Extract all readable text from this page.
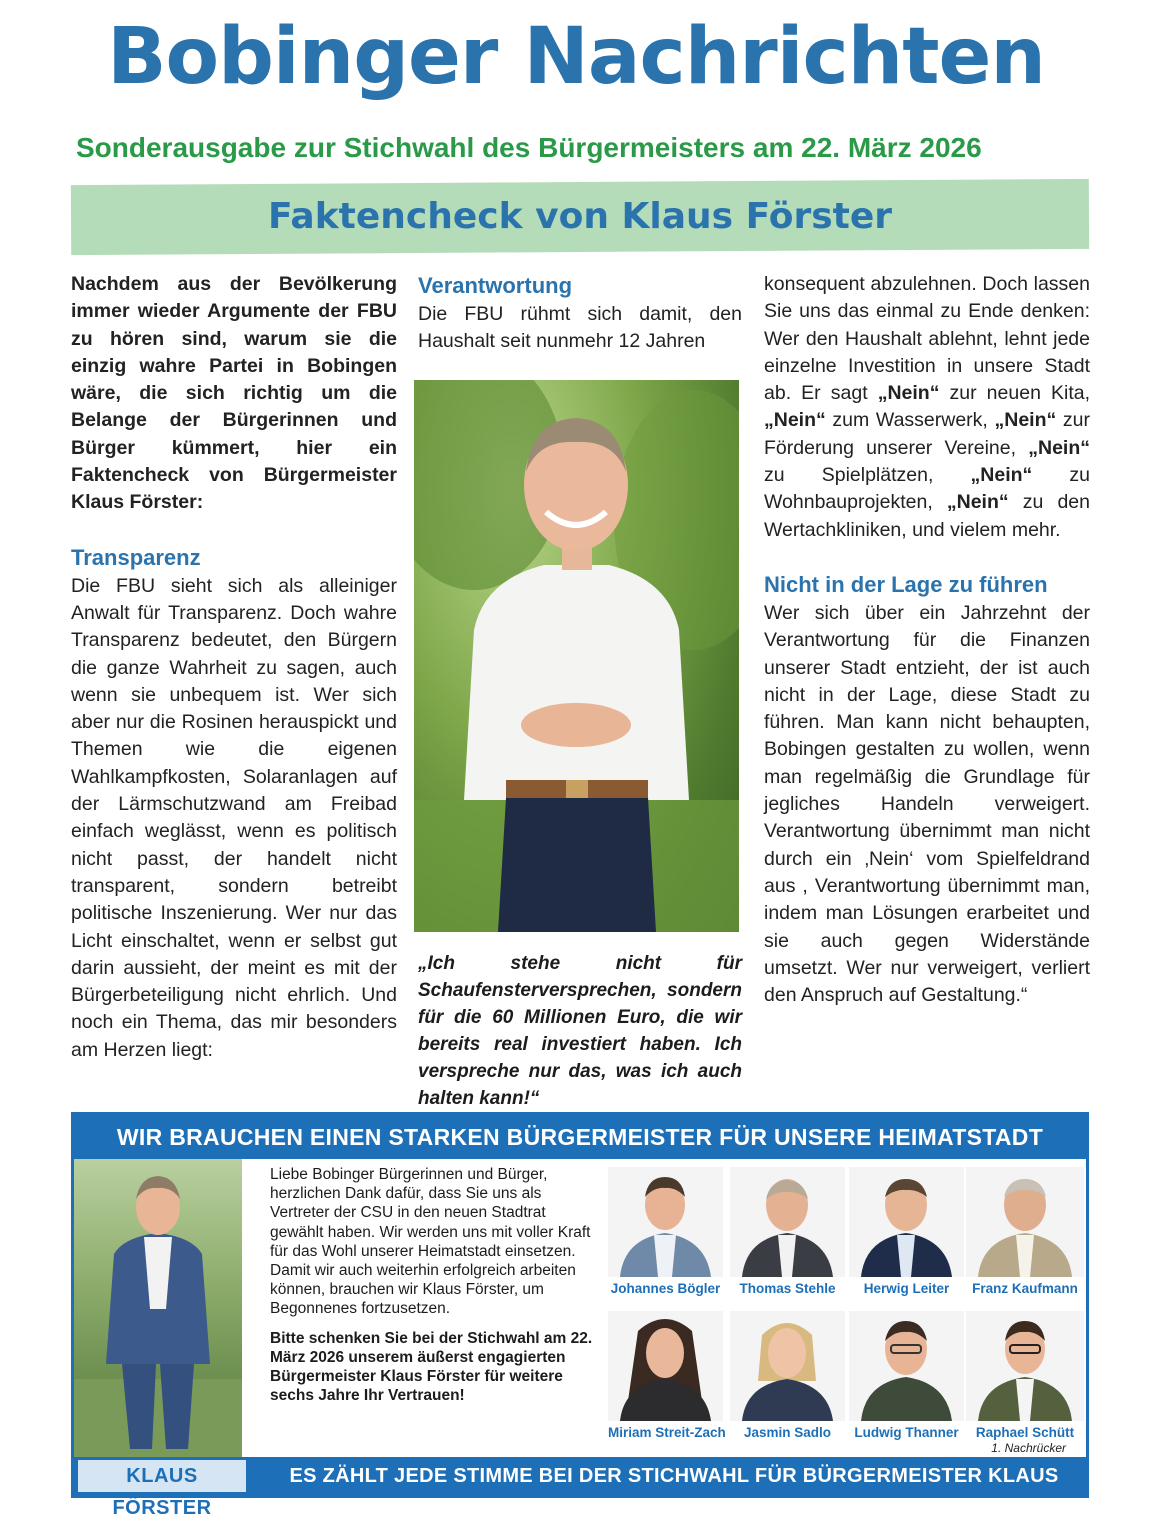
Bobinger Nachrichten
Sonderausgabe zur Stichwahl des Bürgermeisters am 22. März 2026
Faktencheck von Klaus Förster

Nachdem aus der Bevölkerung immer wieder Argumente der FBU zu hören sind, warum sie die einzig wahre Partei in Bobingen wäre, die sich richtig um die Belange der Bürgerinnen und Bürger kümmert, hier ein Faktencheck von Bürgermeister Klaus Förster:

Transparenz

Die FBU sieht sich als alleiniger Anwalt für Transparenz. Doch wahre Transparenz bedeutet, den Bürgern die ganze Wahrheit zu sagen, auch wenn sie unbequem ist. Wer sich aber nur die Rosinen herauspickt und Themen wie die eigenen Wahlkampfkosten, Solaranlagen auf der Lärmschutzwand am Freibad einfach weglässt, wenn es politisch nicht passt, der handelt nicht transparent, sondern betreibt politische Inszenierung. Wer nur das Licht einschaltet, wenn er selbst gut darin aussieht, der meint es mit der Bürgerbeteiligung nicht ehrlich. Und noch ein Thema, das mir besonders am Herzen liegt:

Verantwortung

Die FBU rühmt sich damit, den Haushalt seit nunmehr 12 Jahren

„Ich stehe nicht für Schaufensterversprechen, sondern für die 60 Millionen Euro, die wir bereits real investiert haben. Ich verspreche nur das, was ich auch halten kann!“

konsequent abzulehnen. Doch lassen Sie uns das einmal zu Ende denken: Wer den Haushalt ablehnt, lehnt jede einzelne Investition in unsere Stadt ab. Er sagt „Nein“ zur neuen Kita, „Nein“ zum Wasserwerk, „Nein“ zur Förderung unserer Vereine, „Nein“ zu Spielplätzen, „Nein“ zu Wohnbauprojekten, „Nein“ zu den Wertachkliniken, und vielem mehr.

Nicht in der Lage zu führen

Wer sich über ein Jahrzehnt der Verantwortung für die Finanzen unserer Stadt entzieht, der ist auch nicht in der Lage, diese Stadt zu führen. Man kann nicht behaupten, Bobingen gestalten zu wollen, wenn man regelmäßig die Grundlage für jegliches Handeln verweigert. Verantwortung übernimmt man nicht durch ein ‚Nein‘ vom Spielfeldrand aus , Verantwortung übernimmt man, indem man Lösungen erarbeitet und sie auch gegen Widerstände umsetzt. Wer nur verweigert, verliert den Anspruch auf Gestaltung.“

WIR BRAUCHEN EINEN STARKEN BÜRGERMEISTER FÜR UNSERE HEIMATSTADT

Liebe Bobinger Bürgerinnen und Bürger, herzlichen Dank dafür, dass Sie uns als Vertreter der CSU in den neuen Stadtrat gewählt haben. Wir werden uns mit voller Kraft für das Wohl unserer Heimatstadt einsetzen. Damit wir auch weiterhin erfolgreich arbeiten können, brauchen wir Klaus Förster, um Begonnenes fortzusetzen.

Bitte schenken Sie bei der Stichwahl am 22. März 2026 unserem äußerst engagierten Bürgermeister Klaus Förster für weitere sechs Jahre Ihr Vertrauen!

Johannes Bögler	Thomas Stehle	Herwig Leiter	Franz Kaufmann
Miriam Streit-Zach	Jasmin Sadlo	Ludwig Thanner	Raphael Schütt
1. Nachrücker
KLAUS FÖRSTER
ES ZÄHLT JEDE STIMME BEI DER STICHWAHL FÜR BÜRGERMEISTER KLAUS FÖRSTER
